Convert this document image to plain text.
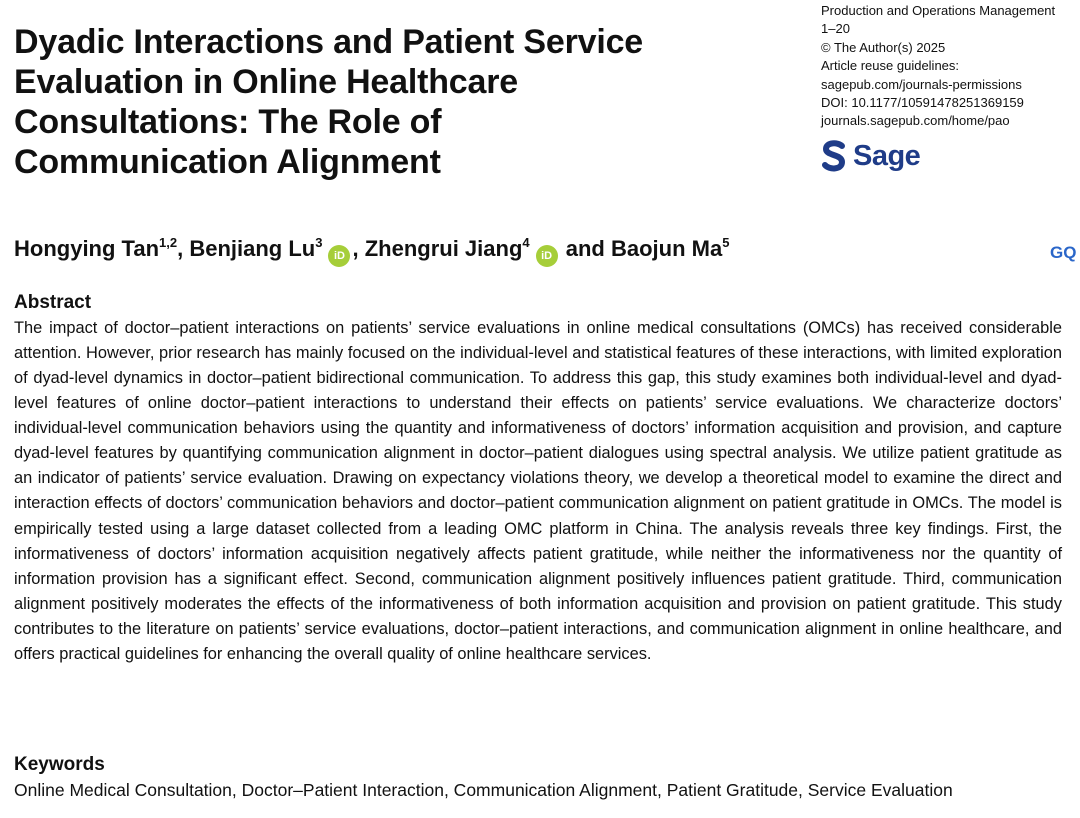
Dyadic Interactions and Patient Service
Evaluation in Online Healthcare
Consultations: The Role of
Communication Alignment
Production and Operations Management
1–20
© The Author(s) 2025
Article reuse guidelines:
sagepub.com/journals-permissions
DOI: 10.1177/10591478251369159
journals.sagepub.com/home/pao
Sage
Hongying Tan$^{1,2}$, Benjiang Lu$^3$iD , Zhengrui Jiang$^4$iD and Baojun Ma$^5$
GQ
Abstract

The impact of doctor–patient interactions on patients’ service evaluations in online medical consultations (OMCs) has received considerable attention. However, prior research has mainly focused on the individual-level and statistical features of these interactions, with limited exploration of dyad-level dynamics in doctor–patient bidirectional communication. To address this gap, this study examines both individual-level and dyad-level features of online doctor–patient interactions to understand their effects on patients’ service evaluations. We characterize doctors’ individual-level communication behaviors using the quantity and informativeness of doctors’ information acquisition and provision, and capture dyad-level features by quantifying communication alignment in doctor–patient dialogues using spectral analysis. We utilize patient gratitude as an indicator of patients’ service evaluation. Drawing on expectancy violations theory, we develop a theoretical model to examine the direct and interaction effects of doctors’ communication behaviors and doctor–patient communication alignment on patient gratitude in OMCs. The model is empirically tested using a large dataset collected from a leading OMC platform in China. The analysis reveals three key findings. First, the informativeness of doctors’ information acquisition negatively affects patient gratitude, while neither the informativeness nor the quantity of information provision has a significant effect. Second, communication alignment positively influences patient gratitude. Third, communication alignment positively moderates the effects of the informativeness of both information acquisition and provision on patient gratitude. This study contributes to the literature on patients’ service evaluations, doctor–patient interactions, and communication alignment in online healthcare, and offers practical guidelines for enhancing the overall quality of online healthcare services.

Keywords

Online Medical Consultation, Doctor–Patient Interaction, Communication Alignment, Patient Gratitude, Service Evaluation
